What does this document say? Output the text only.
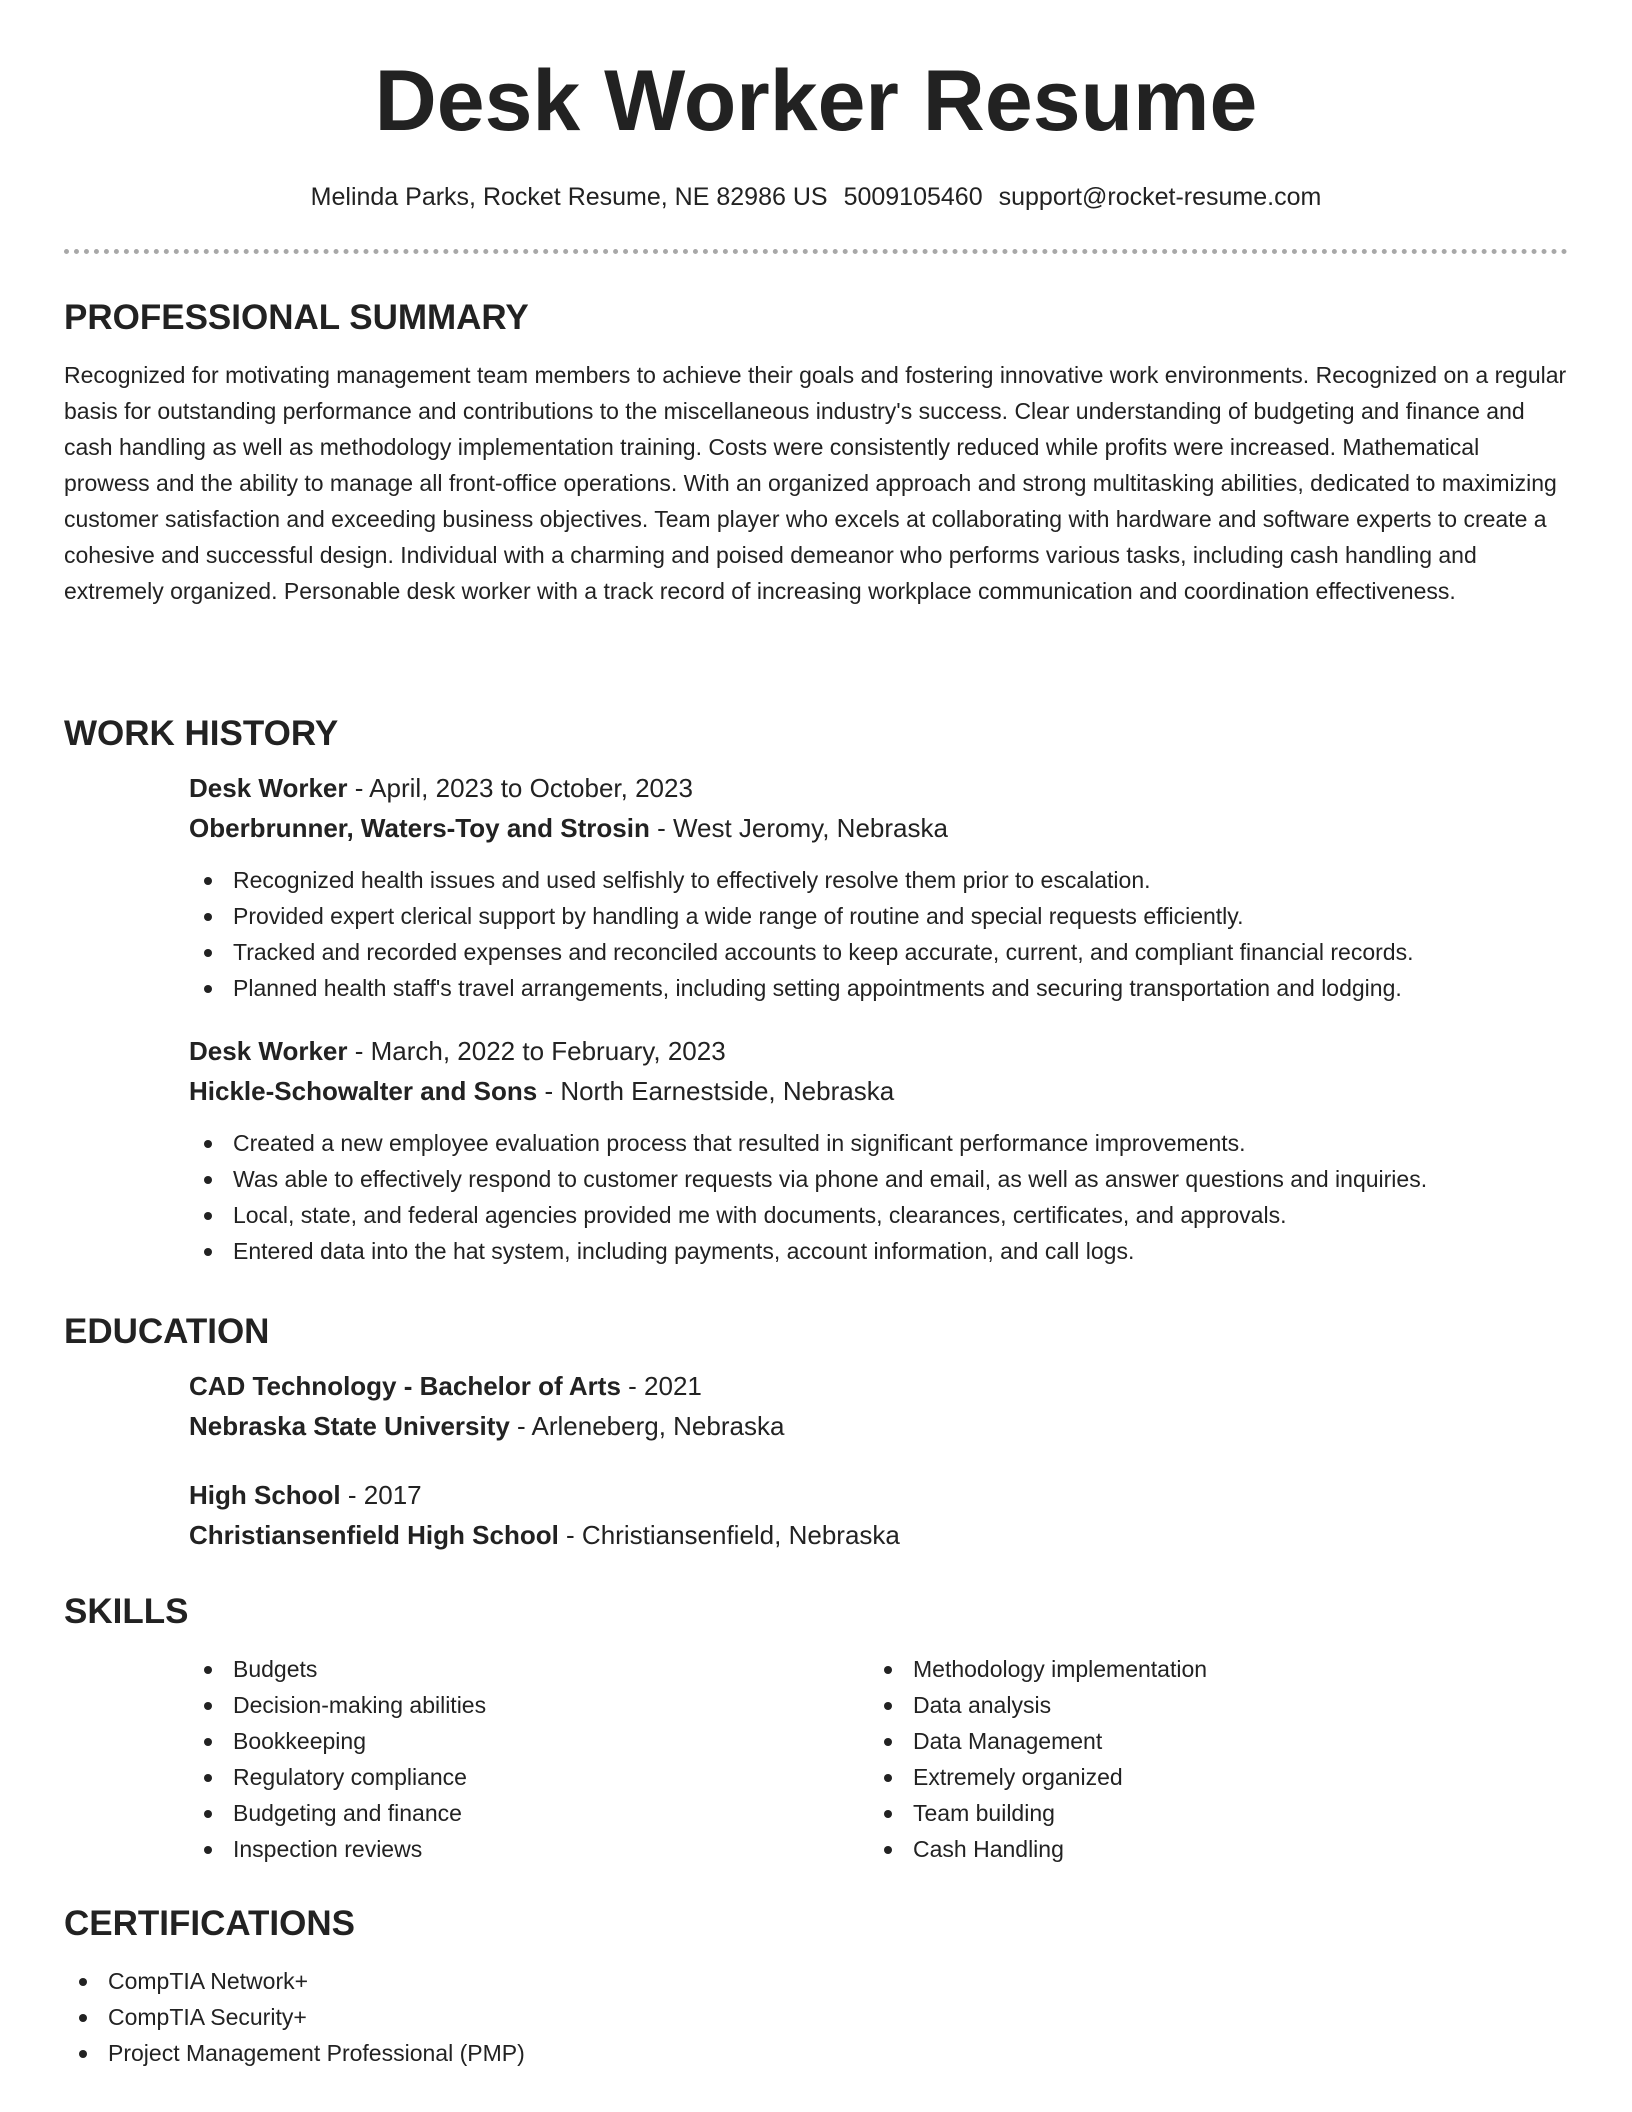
Desk Worker Resume
Melinda Parks, Rocket Resume, NE 82986 US 5009105460 support@rocket-resume.com
PROFESSIONAL SUMMARY

Recognized for motivating management team members to achieve their goals and fostering innovative work environments. Recognized on a regular basis for outstanding performance and contributions to the miscellaneous industry's success. Clear understanding of budgeting and finance and cash handling as well as methodology implementation training. Costs were consistently reduced while profits were increased. Mathematical prowess and the ability to manage all front-office operations. With an organized approach and strong multitasking abilities, dedicated to maximizing customer satisfaction and exceeding business objectives. Team player who excels at collaborating with hardware and software experts to create a cohesive and successful design. Individual with a charming and poised demeanor who performs various tasks, including cash handling and extremely organized. Personable desk worker with a track record of increasing workplace communication and coordination effectiveness.

WORK HISTORY
Desk Worker - April, 2023 to October, 2023
Oberbrunner, Waters-Toy and Strosin - West Jeromy, Nebraska
Recognized health issues and used selfishly to effectively resolve them prior to escalation.
Provided expert clerical support by handling a wide range of routine and special requests efficiently.
Tracked and recorded expenses and reconciled accounts to keep accurate, current, and compliant financial records.
Planned health staff's travel arrangements, including setting appointments and securing transportation and lodging.
Desk Worker - March, 2022 to February, 2023
Hickle-Schowalter and Sons - North Earnestside, Nebraska
Created a new employee evaluation process that resulted in significant performance improvements.
Was able to effectively respond to customer requests via phone and email, as well as answer questions and inquiries.
Local, state, and federal agencies provided me with documents, clearances, certificates, and approvals.
Entered data into the hat system, including payments, account information, and call logs.
EDUCATION
CAD Technology - Bachelor of Arts - 2021
Nebraska State University - Arleneberg, Nebraska
High School - 2017
Christiansenfield High School - Christiansenfield, Nebraska
SKILLS
Budgets
Decision-making abilities
Bookkeeping
Regulatory compliance
Budgeting and finance
Inspection reviews
Methodology implementation
Data analysis
Data Management
Extremely organized
Team building
Cash Handling
CERTIFICATIONS
CompTIA Network+
CompTIA Security+
Project Management Professional (PMP)
